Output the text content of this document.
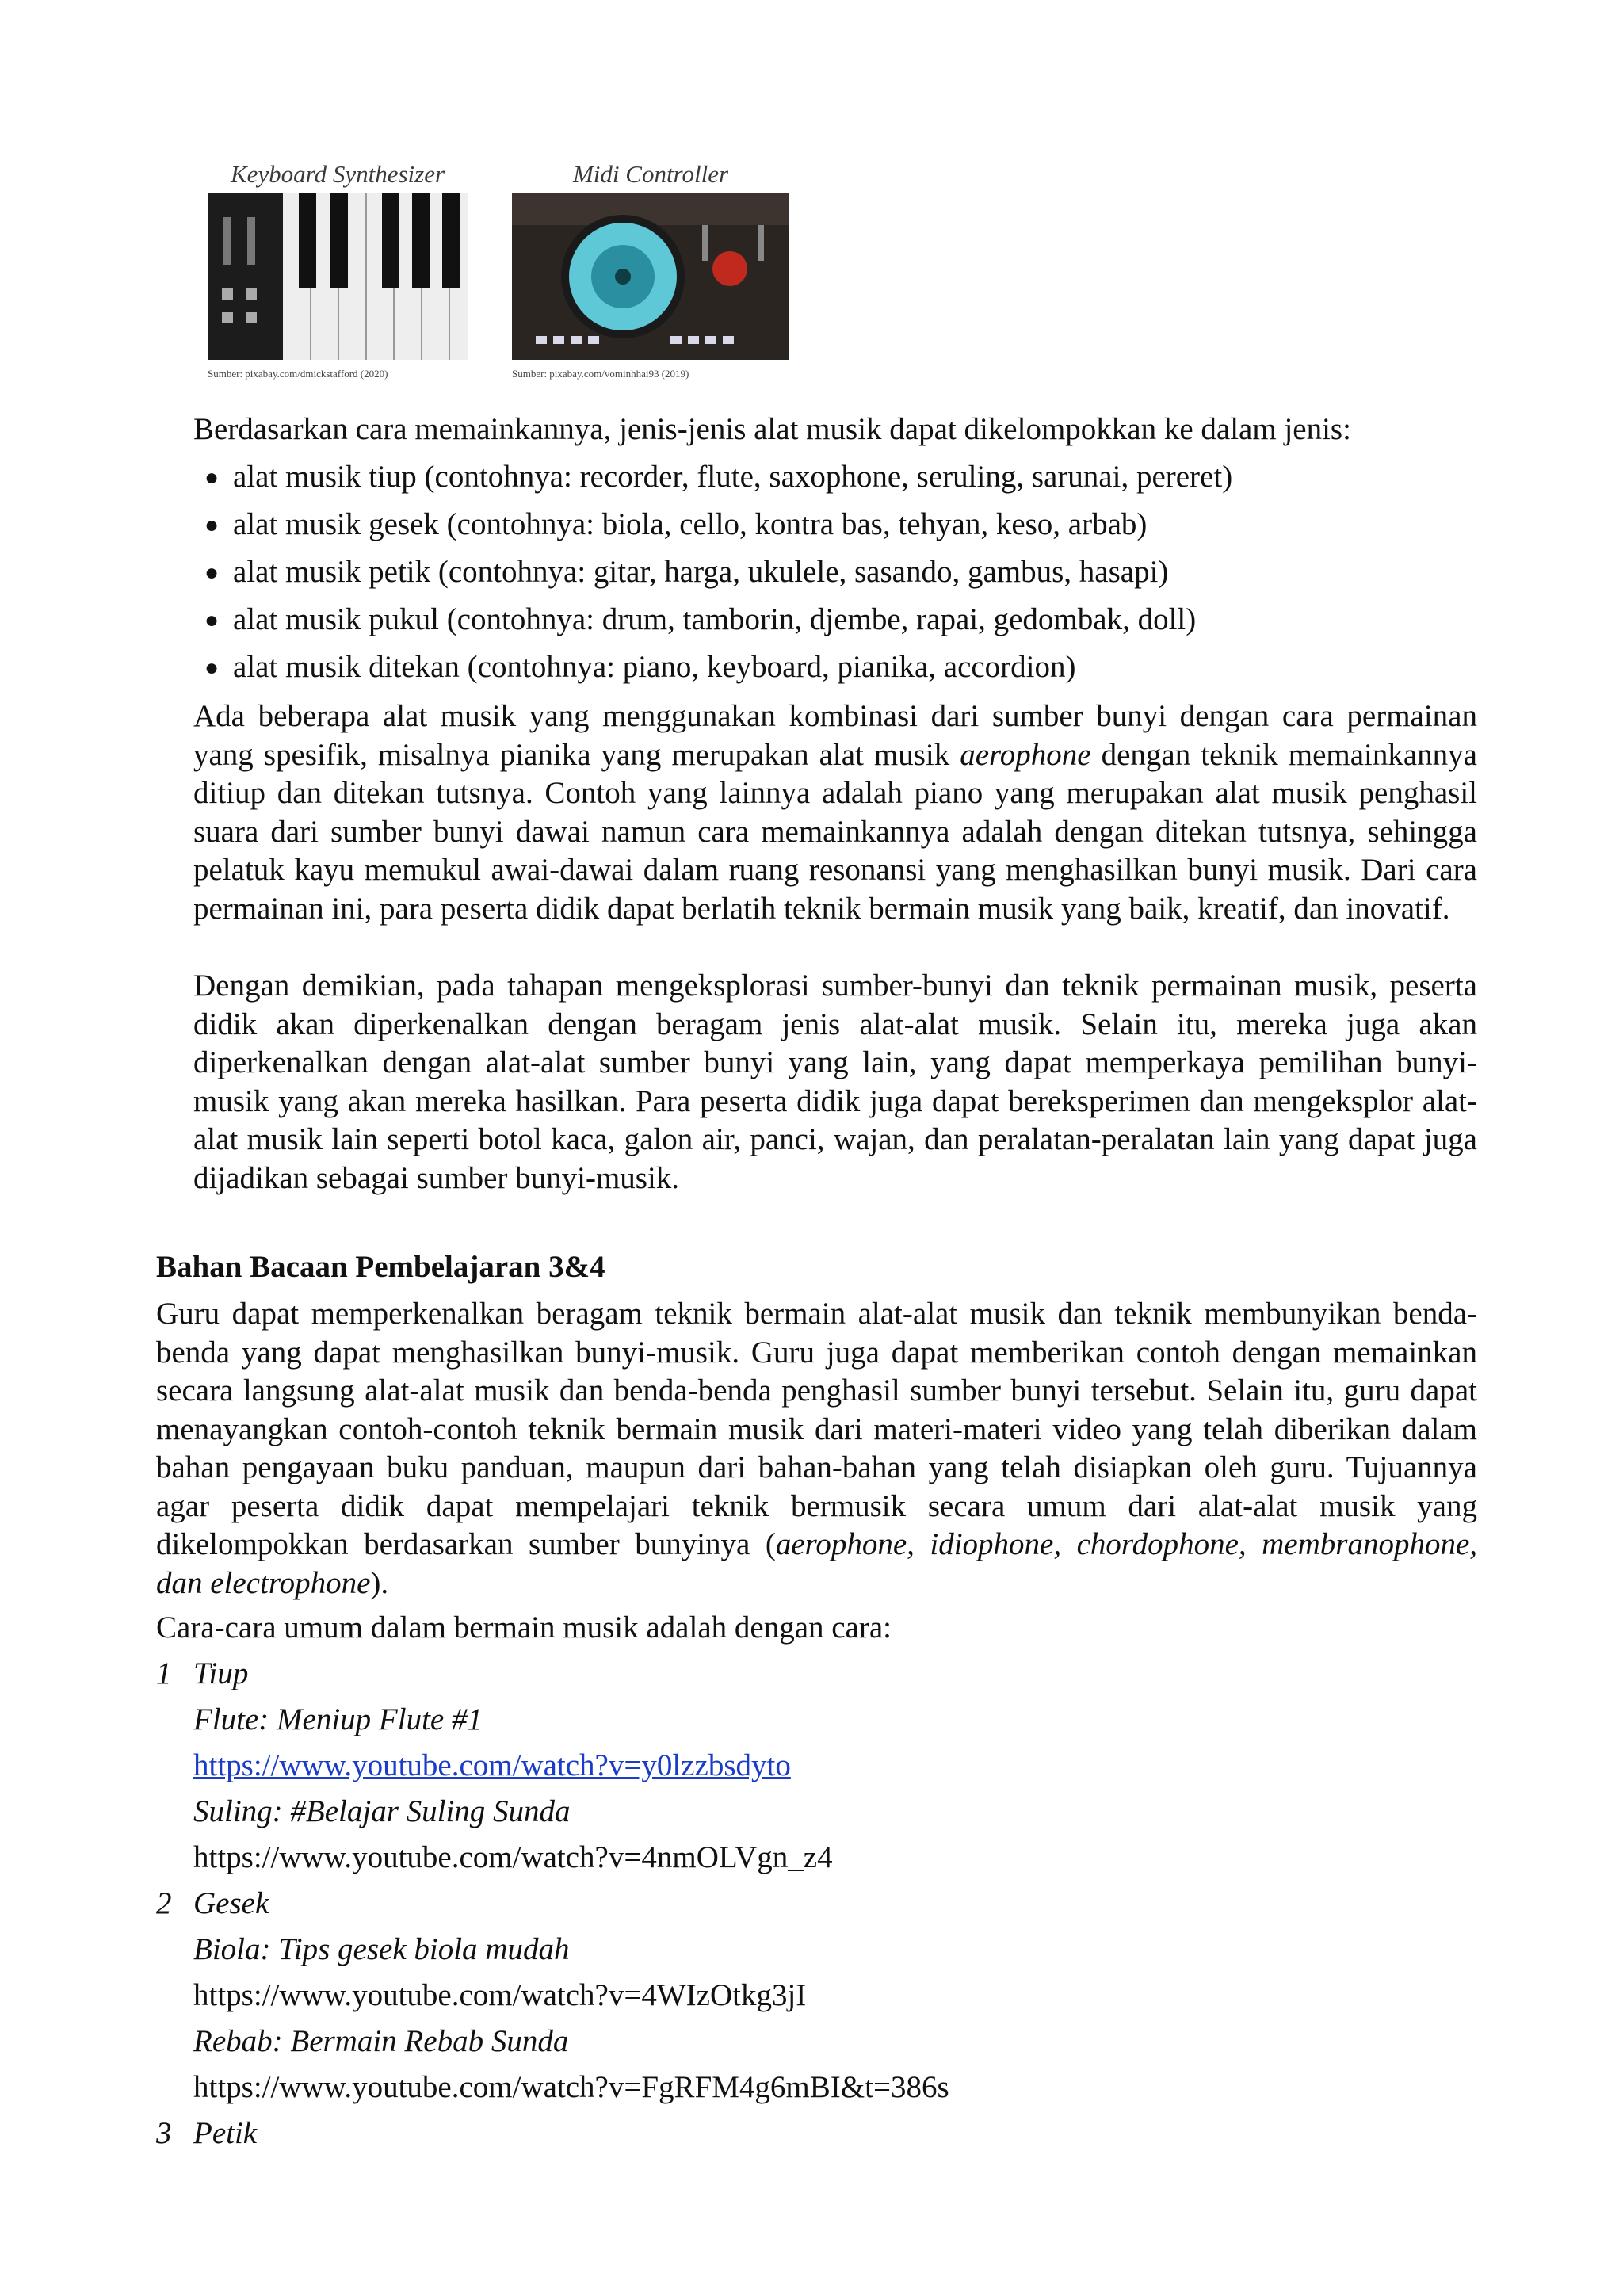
Keyboard Synthesizer
Sumber: pixabay.com/dmickstafford (2020)
Midi Controller
Sumber: pixabay.com/vominhhai93 (2019)

Berdasarkan cara memainkannya, jenis-jenis alat musik dapat dikelompokkan ke dalam jenis:

● alat musik tiup (contohnya: recorder, flute, saxophone, seruling, sarunai, pereret)
● alat musik gesek (contohnya: biola, cello, kontra bas, tehyan, keso, arbab)
● alat musik petik (contohnya: gitar, harga, ukulele, sasando, gambus, hasapi)
● alat musik pukul (contohnya: drum, tamborin, djembe, rapai, gedombak, doll)
● alat musik ditekan (contohnya: piano, keyboard, pianika, accordion)

Ada beberapa alat musik yang menggunakan kombinasi dari sumber bunyi dengan cara permainan yang spesifik, misalnya pianika yang merupakan alat musik aerophone dengan teknik memainkannya ditiup dan ditekan tutsnya. Contoh yang lainnya adalah piano yang merupakan alat musik penghasil suara dari sumber bunyi dawai namun cara memainkannya adalah dengan ditekan tutsnya, sehingga pelatuk kayu memukul awai-dawai dalam ruang resonansi yang menghasilkan bunyi musik. Dari cara permainan ini, para peserta didik dapat berlatih teknik bermain musik yang baik, kreatif, dan inovatif.

Dengan demikian, pada tahapan mengeksplorasi sumber-bunyi dan teknik permainan musik, peserta didik akan diperkenalkan dengan beragam jenis alat-alat musik. Selain itu, mereka juga akan diperkenalkan dengan alat-alat sumber bunyi yang lain, yang dapat memperkaya pemilihan bunyi-musik yang akan mereka hasilkan. Para peserta didik juga dapat bereksperimen dan mengeksplor alat-alat musik lain seperti botol kaca, galon air, panci, wajan, dan peralatan-peralatan lain yang dapat juga dijadikan sebagai sumber bunyi-musik.

Bahan Bacaan Pembelajaran 3&4

Guru dapat memperkenalkan beragam teknik bermain alat-alat musik dan teknik membunyikan benda-benda yang dapat menghasilkan bunyi-musik. Guru juga dapat memberikan contoh dengan memainkan secara langsung alat-alat musik dan benda-benda penghasil sumber bunyi tersebut. Selain itu, guru dapat menayangkan contoh-contoh teknik bermain musik dari materi-materi video yang telah diberikan dalam bahan pengayaan buku panduan, maupun dari bahan-bahan yang telah disiapkan oleh guru. Tujuannya agar peserta didik dapat mempelajari teknik bermusik secara umum dari alat-alat musik yang dikelompokkan berdasarkan sumber bunyinya (aerophone, idiophone, chordophone, membranophone, dan electrophone).

Cara-cara umum dalam bermain musik adalah dengan cara:
1 Tiup
Flute: Meniup Flute #1
https://www.youtube.com/watch?v=y0lzzbsdyto
Suling: #Belajar Suling Sunda
https://www.youtube.com/watch?v=4nmOLVgn_z4
2 Gesek
Biola: Tips gesek biola mudah
https://www.youtube.com/watch?v=4WIzOtkg3jI
Rebab: Bermain Rebab Sunda
https://www.youtube.com/watch?v=FgRFM4g6mBI&t=386s
3 Petik
